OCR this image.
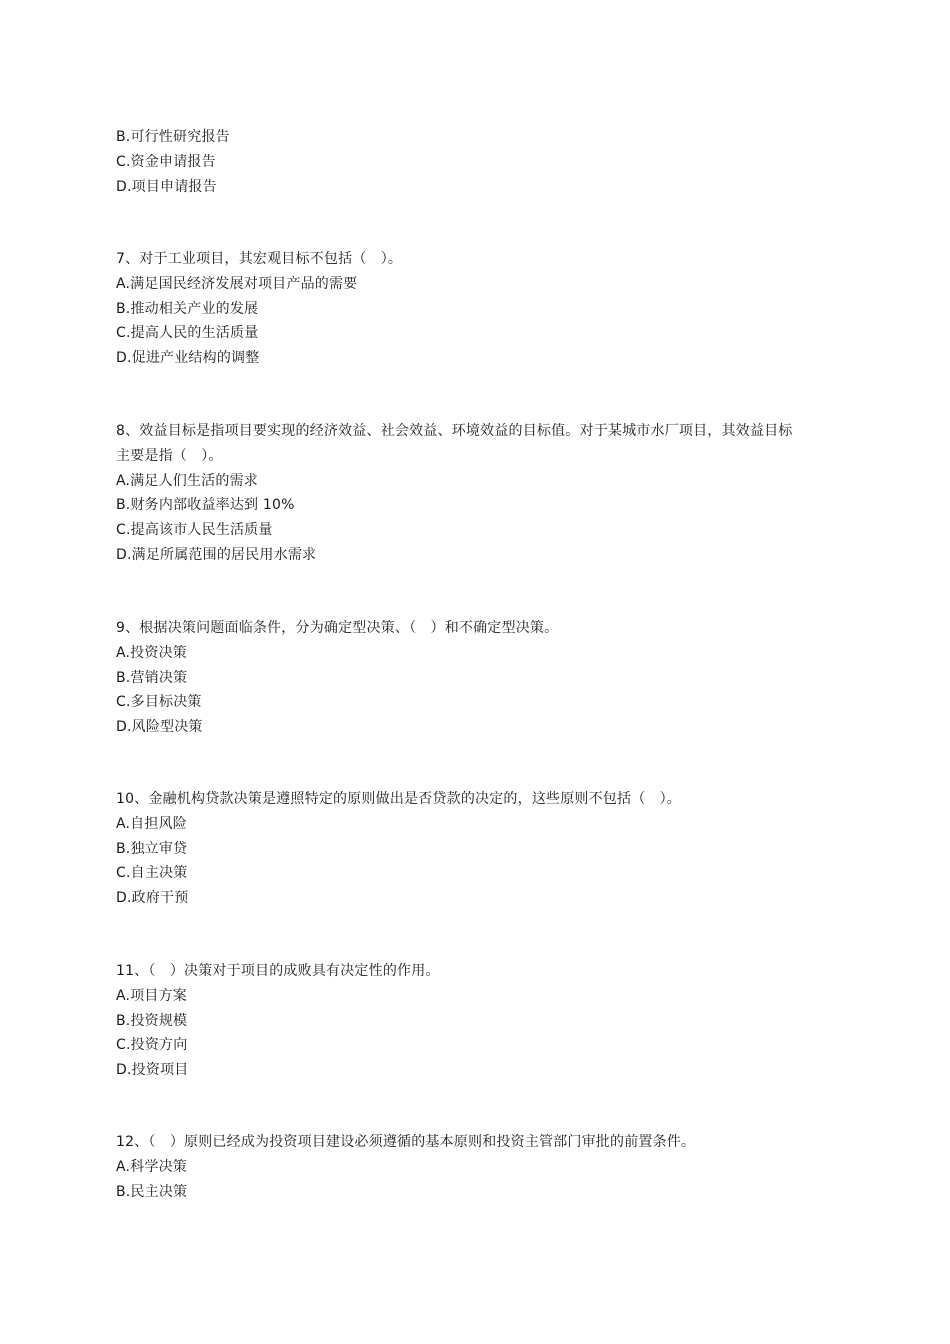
B.可行性研究报告
C.资金申请报告
D.项目申请报告
7、对于工业项目，其宏观目标不包括（　）。
A.满足国民经济发展对项目产品的需要
B.推动相关产业的发展
C.提高人民的生活质量
D.促进产业结构的调整
8、效益目标是指项目要实现的经济效益、社会效益、环境效益的目标值。对于某城市水厂项目，其效益目标
主要是指（　）。
A.满足人们生活的需求
B.财务内部收益率达到 10%
C.提高该市人民生活质量
D.满足所属范围的居民用水需求
9、根据决策问题面临条件，分为确定型决策、（　）和不确定型决策。
A.投资决策
B.营销决策
C.多目标决策
D.风险型决策
10、金融机构贷款决策是遵照特定的原则做出是否贷款的决定的，这些原则不包括（　）。
A.自担风险
B.独立审贷
C.自主决策
D.政府干预
11、（　）决策对于项目的成败具有决定性的作用。
A.项目方案
B.投资规模
C.投资方向
D.投资项目
12、（　）原则已经成为投资项目建设必须遵循的基本原则和投资主管部门审批的前置条件。
A.科学决策
B.民主决策
